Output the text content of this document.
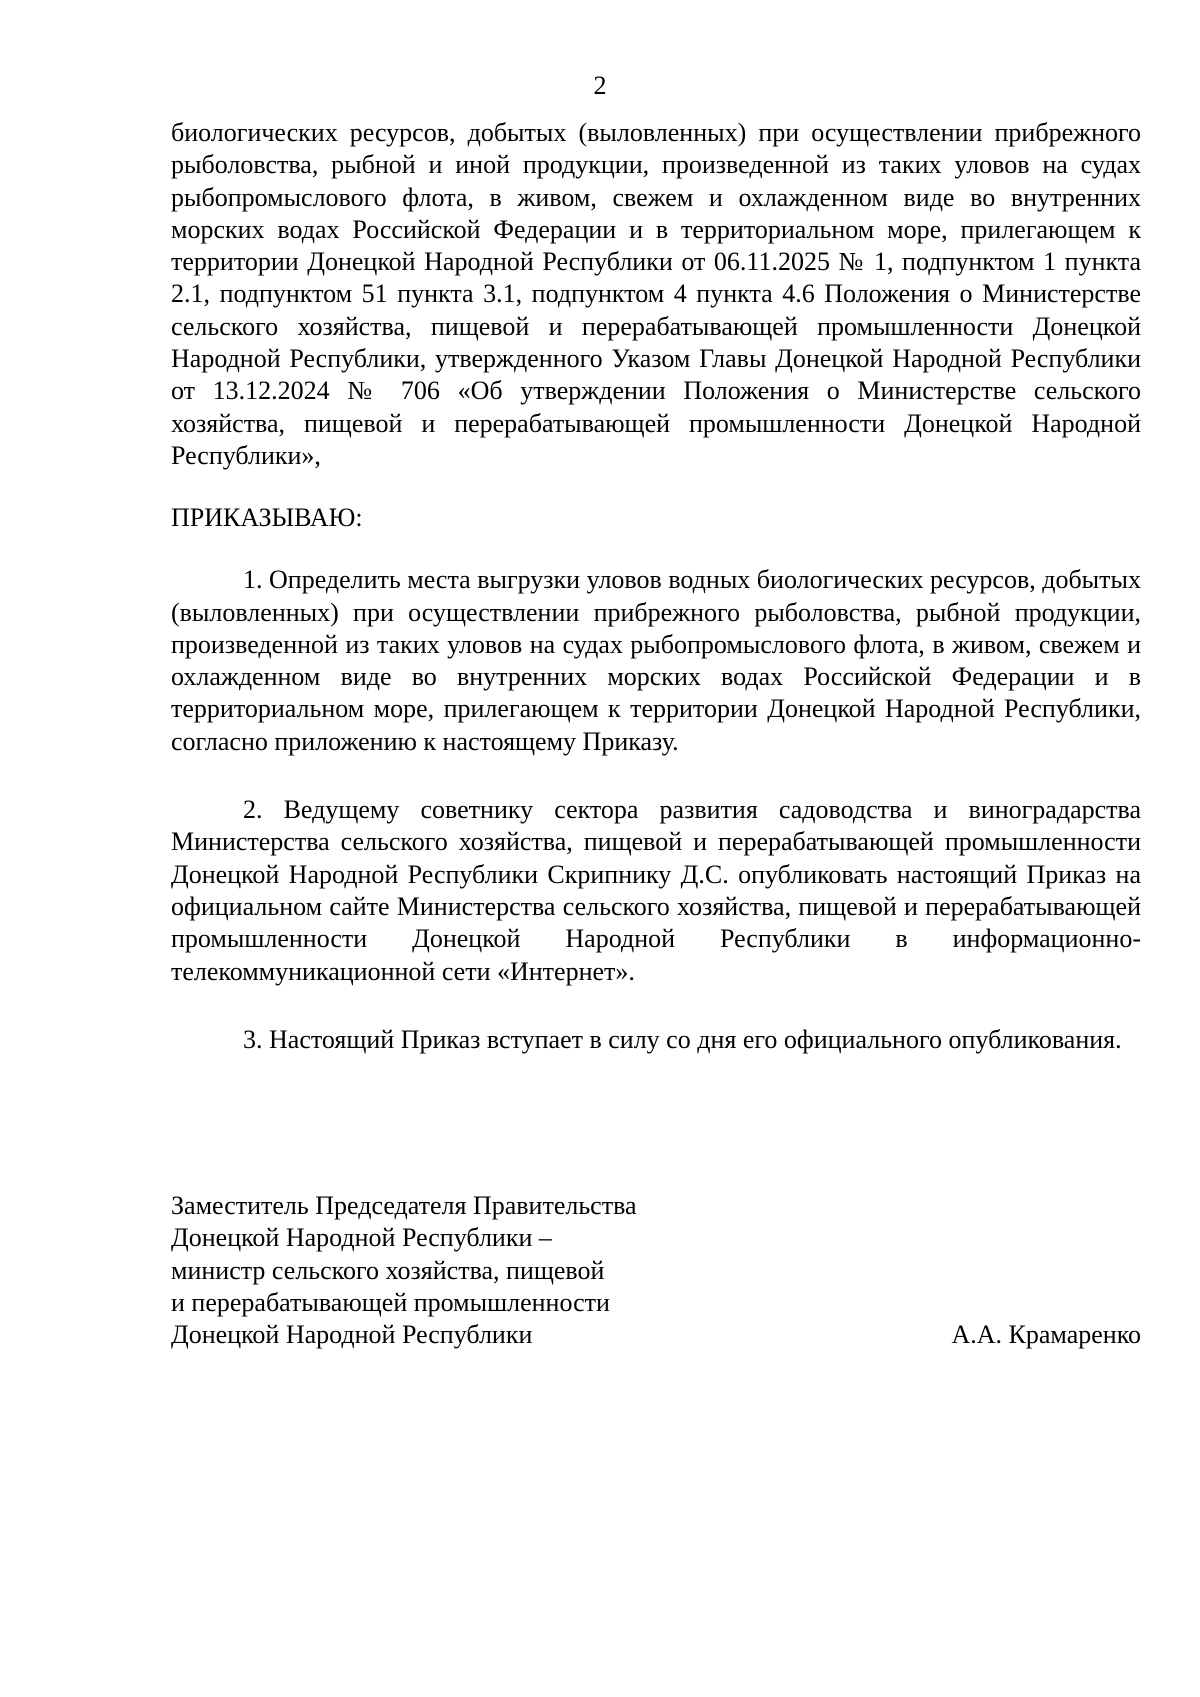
2

биологических ресурсов, добытых (выловленных) при осуществлении прибрежного рыболовства, рыбной и иной продукции, произведенной из таких уловов на судах рыбопромыслового флота, в живом, свежем и охлажденном виде во внутренних морских водах Российской Федерации и в территориальном море, прилегающем к территории Донецкой Народной Республики от 06.11.2025 № 1, подпунктом 1 пункта 2.1, подпунктом 51 пункта 3.1, подпунктом 4 пункта 4.6 Положения о Министерстве сельского хозяйства, пищевой и перерабатывающей промышленности Донецкой Народной Республики, утвержденного Указом Главы Донецкой Народной Республики от 13.12.2024 № 706 «Об утверждении Положения о Министерстве сельского хозяйства, пищевой и перерабатывающей промышленности Донецкой Народной Республики»,

ПРИКАЗЫВАЮ:

1. Определить места выгрузки уловов водных биологических ресурсов, добытых (выловленных) при осуществлении прибрежного рыболовства, рыбной продукции, произведенной из таких уловов на судах рыбопромыслового флота, в живом, свежем и охлажденном виде во внутренних морских водах Российской Федерации и в территориальном море, прилегающем к территории Донецкой Народной Республики, согласно приложению к настоящему Приказу.

2. Ведущему советнику сектора развития садоводства и виноградарства Министерства сельского хозяйства, пищевой и перерабатывающей промышленности Донецкой Народной Республики Скрипнику Д.С. опубликовать настоящий Приказ на официальном сайте Министерства сельского хозяйства, пищевой и перерабатывающей промышленности Донецкой Народной Республики в информационно-телекоммуникационной сети «Интернет».

3. Настоящий Приказ вступает в силу со дня его официального опубликования.

Заместитель Председателя Правительства
Донецкой Народной Республики –
министр сельского хозяйства, пищевой
и перерабатывающей промышленности
Донецкой Народной Республики	А.А. Крамаренко
